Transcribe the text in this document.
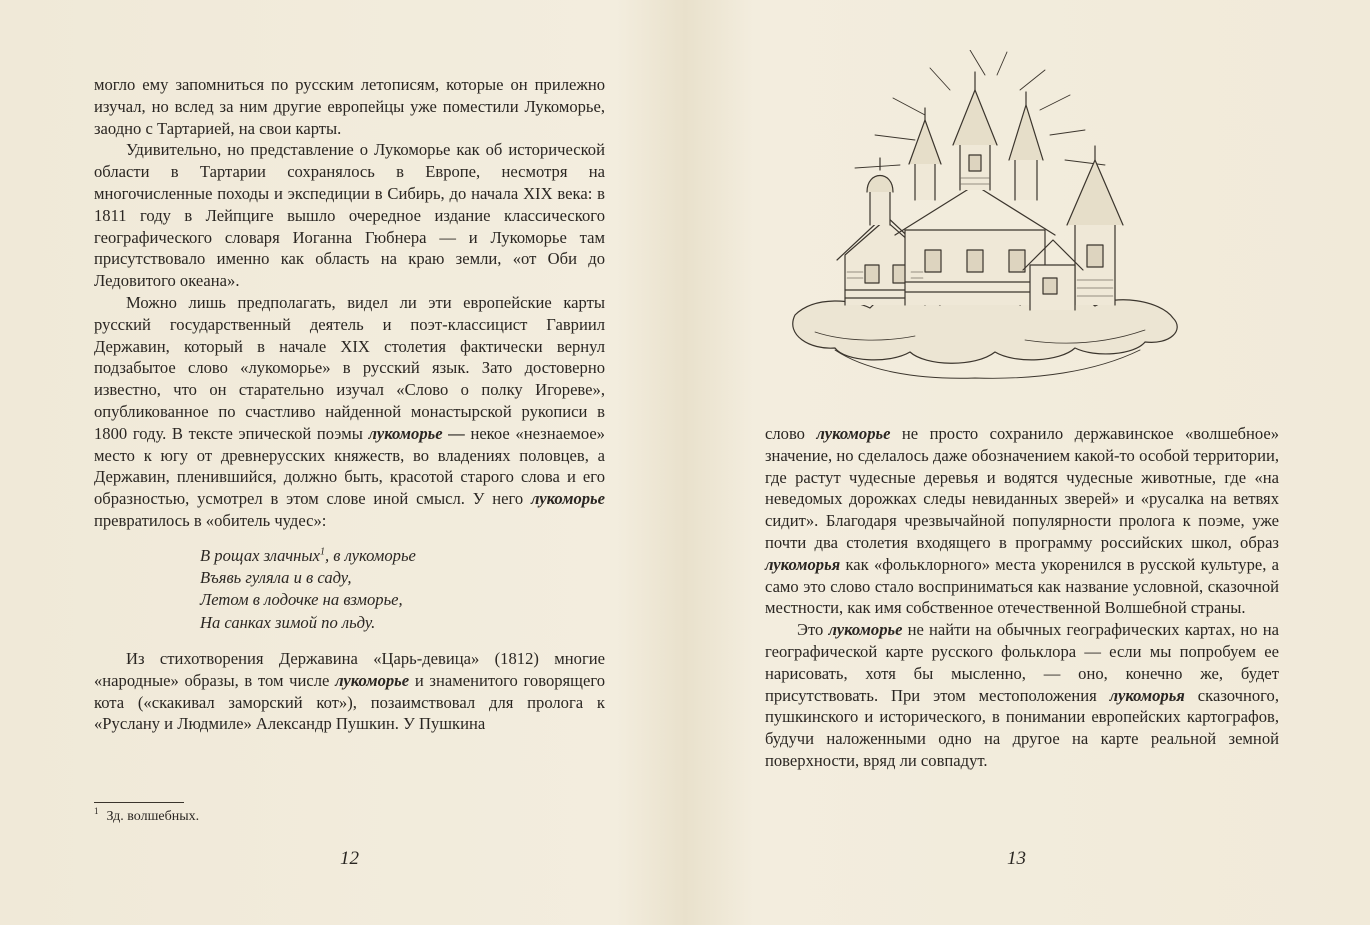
могло ему запомниться по русским летописям, которые он прилежно изучал, но вслед за ним другие европейцы уже поместили Лукоморье, заодно с Тартарией, на свои карты.

Удивительно, но представление о Лукоморье как об исторической области в Тартарии сохранялось в Европе, несмотря на многочисленные походы и экспедиции в Сибирь, до начала XIX века: в 1811 году в Лейпциге вышло очередное издание классического географического словаря Иоганна Гюбнера — и Лукоморье там присутствовало именно как область на краю земли, «от Оби до Ледовитого океана».

Можно лишь предполагать, видел ли эти европейские карты русский государственный деятель и поэт-классицист Гавриил Державин, который в начале XIX столетия фактически вернул подзабытое слово «лукоморье» в русский язык. Зато достоверно известно, что он старательно изучал «Слово о полку Игореве», опубликованное по счастливо найденной монастырской рукописи в 1800 году. В тексте эпической поэмы лукоморье — некое «незнаемое» место к югу от древнерусских княжеств, во владениях половцев, а Державин, пленившийся, должно быть, красотой старого слова и его образностью, усмотрел в этом слове иной смысл. У него лукоморье превратилось в «обитель чудес»:

В рощах злачных$^1$, в лукоморье
Въявь гуляла и в саду,
Летом в лодочке на взморье,
На санках зимой по льду.

Из стихотворения Державина «Царь-девица» (1812) многие «народные» образы, в том числе лукоморье и знаменитого говорящего кота («скакивал заморский кот»), позаимствовал для пролога к «Руслану и Людмиле» Александр Пушкин. У Пушкина

$^1$ Зд. волшебных.
12

слово лукоморье не просто сохранило державинское «волшебное» значение, но сделалось даже обозначением какой-то особой территории, где растут чудесные деревья и водятся чудесные животные, где «на неведомых дорожках следы невиданных зверей» и «русалка на ветвях сидит». Благодаря чрезвычайной популярности пролога к поэме, уже почти два столетия входящего в программу российских школ, образ лукоморья как «фольклорного» места укоренился в русской культуре, а само это слово стало восприниматься как название условной, сказочной местности, как имя собственное отечественной Волшебной страны.

Это лукоморье не найти на обычных географических картах, но на географической карте русского фольклора — если мы попробуем ее нарисовать, хотя бы мысленно, — оно, конечно же, будет присутствовать. При этом местоположения лукоморья сказочного, пушкинского и исторического, в понимании европейских картографов, будучи наложенными одно на другое на карте реальной земной поверхности, вряд ли совпадут.

13
